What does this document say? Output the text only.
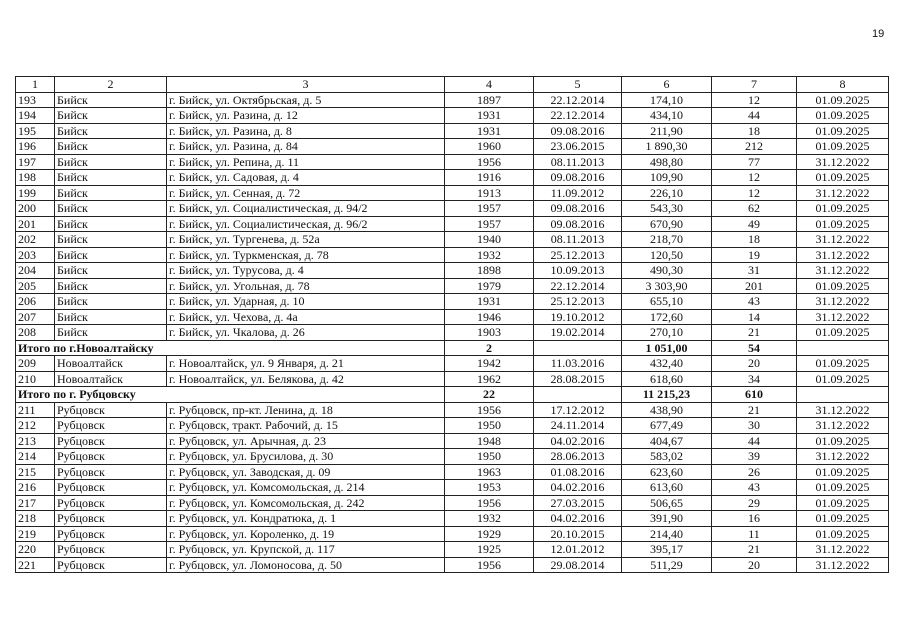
19
1	2	3	4	5	6	7	8
193	Бийск	г. Бийск, ул. Октябрьская, д. 5	1897	22.12.2014	174,10	12	01.09.2025
194	Бийск	г. Бийск, ул. Разина, д. 12	1931	22.12.2014	434,10	44	01.09.2025
195	Бийск	г. Бийск, ул. Разина, д. 8	1931	09.08.2016	211,90	18	01.09.2025
196	Бийск	г. Бийск, ул. Разина, д. 84	1960	23.06.2015	1 890,30	212	01.09.2025
197	Бийск	г. Бийск, ул. Репина, д. 11	1956	08.11.2013	498,80	77	31.12.2022
198	Бийск	г. Бийск, ул. Садовая, д. 4	1916	09.08.2016	109,90	12	01.09.2025
199	Бийск	г. Бийск, ул. Сенная, д. 72	1913	11.09.2012	226,10	12	31.12.2022
200	Бийск	г. Бийск, ул. Социалистическая, д. 94/2	1957	09.08.2016	543,30	62	01.09.2025
201	Бийск	г. Бийск, ул. Социалистическая, д. 96/2	1957	09.08.2016	670,90	49	01.09.2025
202	Бийск	г. Бийск, ул. Тургенева, д. 52а	1940	08.11.2013	218,70	18	31.12.2022
203	Бийск	г. Бийск, ул. Туркменская, д. 78	1932	25.12.2013	120,50	19	31.12.2022
204	Бийск	г. Бийск, ул. Турусова, д. 4	1898	10.09.2013	490,30	31	31.12.2022
205	Бийск	г. Бийск, ул. Угольная, д. 78	1979	22.12.2014	3 303,90	201	01.09.2025
206	Бийск	г. Бийск, ул. Ударная, д. 10	1931	25.12.2013	655,10	43	31.12.2022
207	Бийск	г. Бийск, ул. Чехова, д. 4а	1946	19.10.2012	172,60	14	31.12.2022
208	Бийск	г. Бийск, ул. Чкалова, д. 26	1903	19.02.2014	270,10	21	01.09.2025
Итого по г.Новоалтайску			2		1 051,00	54	
209	Новоалтайск	г. Новоалтайск, ул. 9 Января, д. 21	1942	11.03.2016	432,40	20	01.09.2025
210	Новоалтайск	г. Новоалтайск, ул. Белякова, д. 42	1962	28.08.2015	618,60	34	01.09.2025
Итого по г. Рубцовску			22		11 215,23	610	
211	Рубцовск	г. Рубцовск, пр-кт. Ленина, д. 18	1956	17.12.2012	438,90	21	31.12.2022
212	Рубцовск	г. Рубцовск, тракт. Рабочий, д. 15	1950	24.11.2014	677,49	30	31.12.2022
213	Рубцовск	г. Рубцовск, ул. Арычная, д. 23	1948	04.02.2016	404,67	44	01.09.2025
214	Рубцовск	г. Рубцовск, ул. Брусилова, д. 30	1950	28.06.2013	583,02	39	31.12.2022
215	Рубцовск	г. Рубцовск, ул. Заводская, д. 09	1963	01.08.2016	623,60	26	01.09.2025
216	Рубцовск	г. Рубцовск, ул. Комсомольская, д. 214	1953	04.02.2016	613,60	43	01.09.2025
217	Рубцовск	г. Рубцовск, ул. Комсомольская, д. 242	1956	27.03.2015	506,65	29	01.09.2025
218	Рубцовск	г. Рубцовск, ул. Кондратюка, д. 1	1932	04.02.2016	391,90	16	01.09.2025
219	Рубцовск	г. Рубцовск, ул. Короленко, д. 19	1929	20.10.2015	214,40	11	01.09.2025
220	Рубцовск	г. Рубцовск, ул. Крупской, д. 117	1925	12.01.2012	395,17	21	31.12.2022
221	Рубцовск	г. Рубцовск, ул. Ломоносова, д. 50	1956	29.08.2014	511,29	20	31.12.2022
